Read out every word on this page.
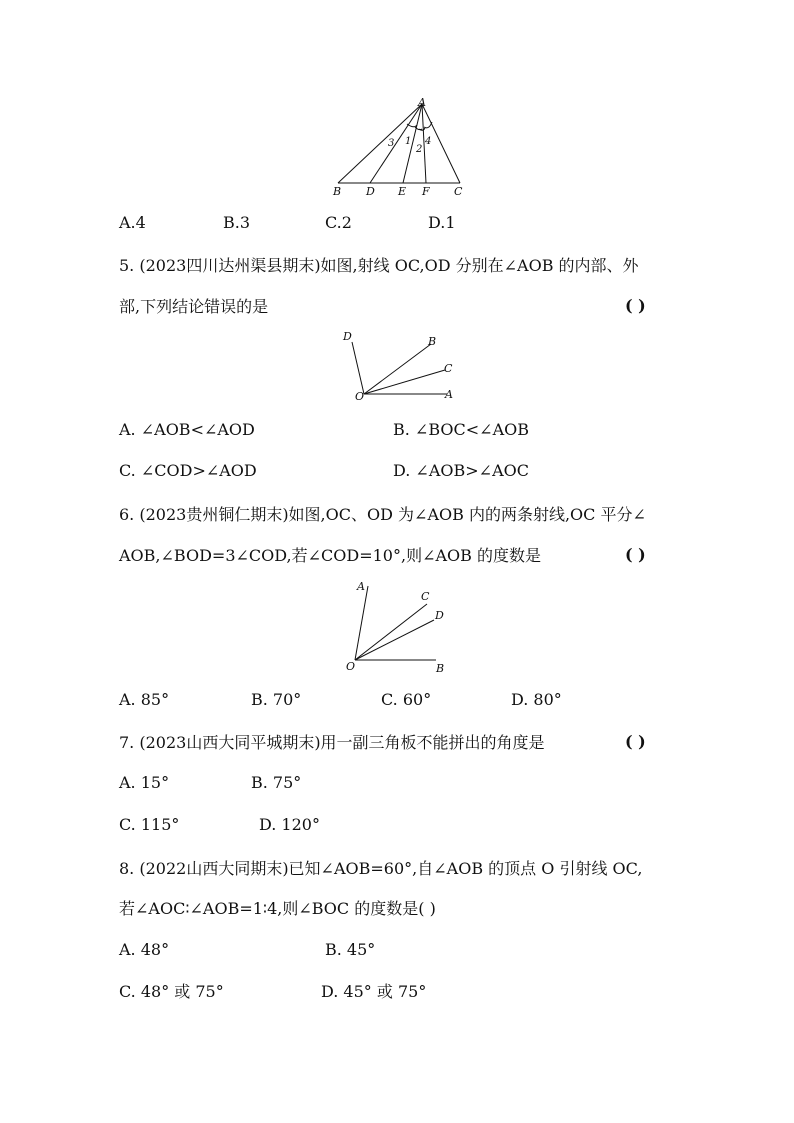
A
B D E F C
3 1
2
4
A.4	B.3	C.2	D.1
5. (2023四川达州渠县期末)如图,射线 OC,OD 分别在∠AOB 的内部、外
部,下列结论错误的是	( )
D	B
C
O	A
A. ∠AOB<∠AOD	B. ∠BOC<∠AOB
C. ∠COD>∠AOD	D. ∠AOB>∠AOC
6. (2023贵州铜仁期末)如图,OC、OD 为∠AOB 内的两条射线,OC 平分∠
AOB,∠BOD=3∠COD,若∠COD=10°,则∠AOB 的度数是	( )
A
C
D
O	B
A. 85°	B. 70°	C. 60°	D. 80°
7. (2023山西大同平城期末)用一副三角板不能拼出的角度是	( )
A. 15°	B. 75°
C. 115°	D. 120°
8. (2022山西大同期末)已知∠AOB=60°,自∠AOB 的顶点 O 引射线 OC,
若∠AOC∶∠AOB=1∶4,则∠BOC 的度数是( )
A. 48°	B. 45°
C. 48° 或 75°	D. 45° 或 75°
